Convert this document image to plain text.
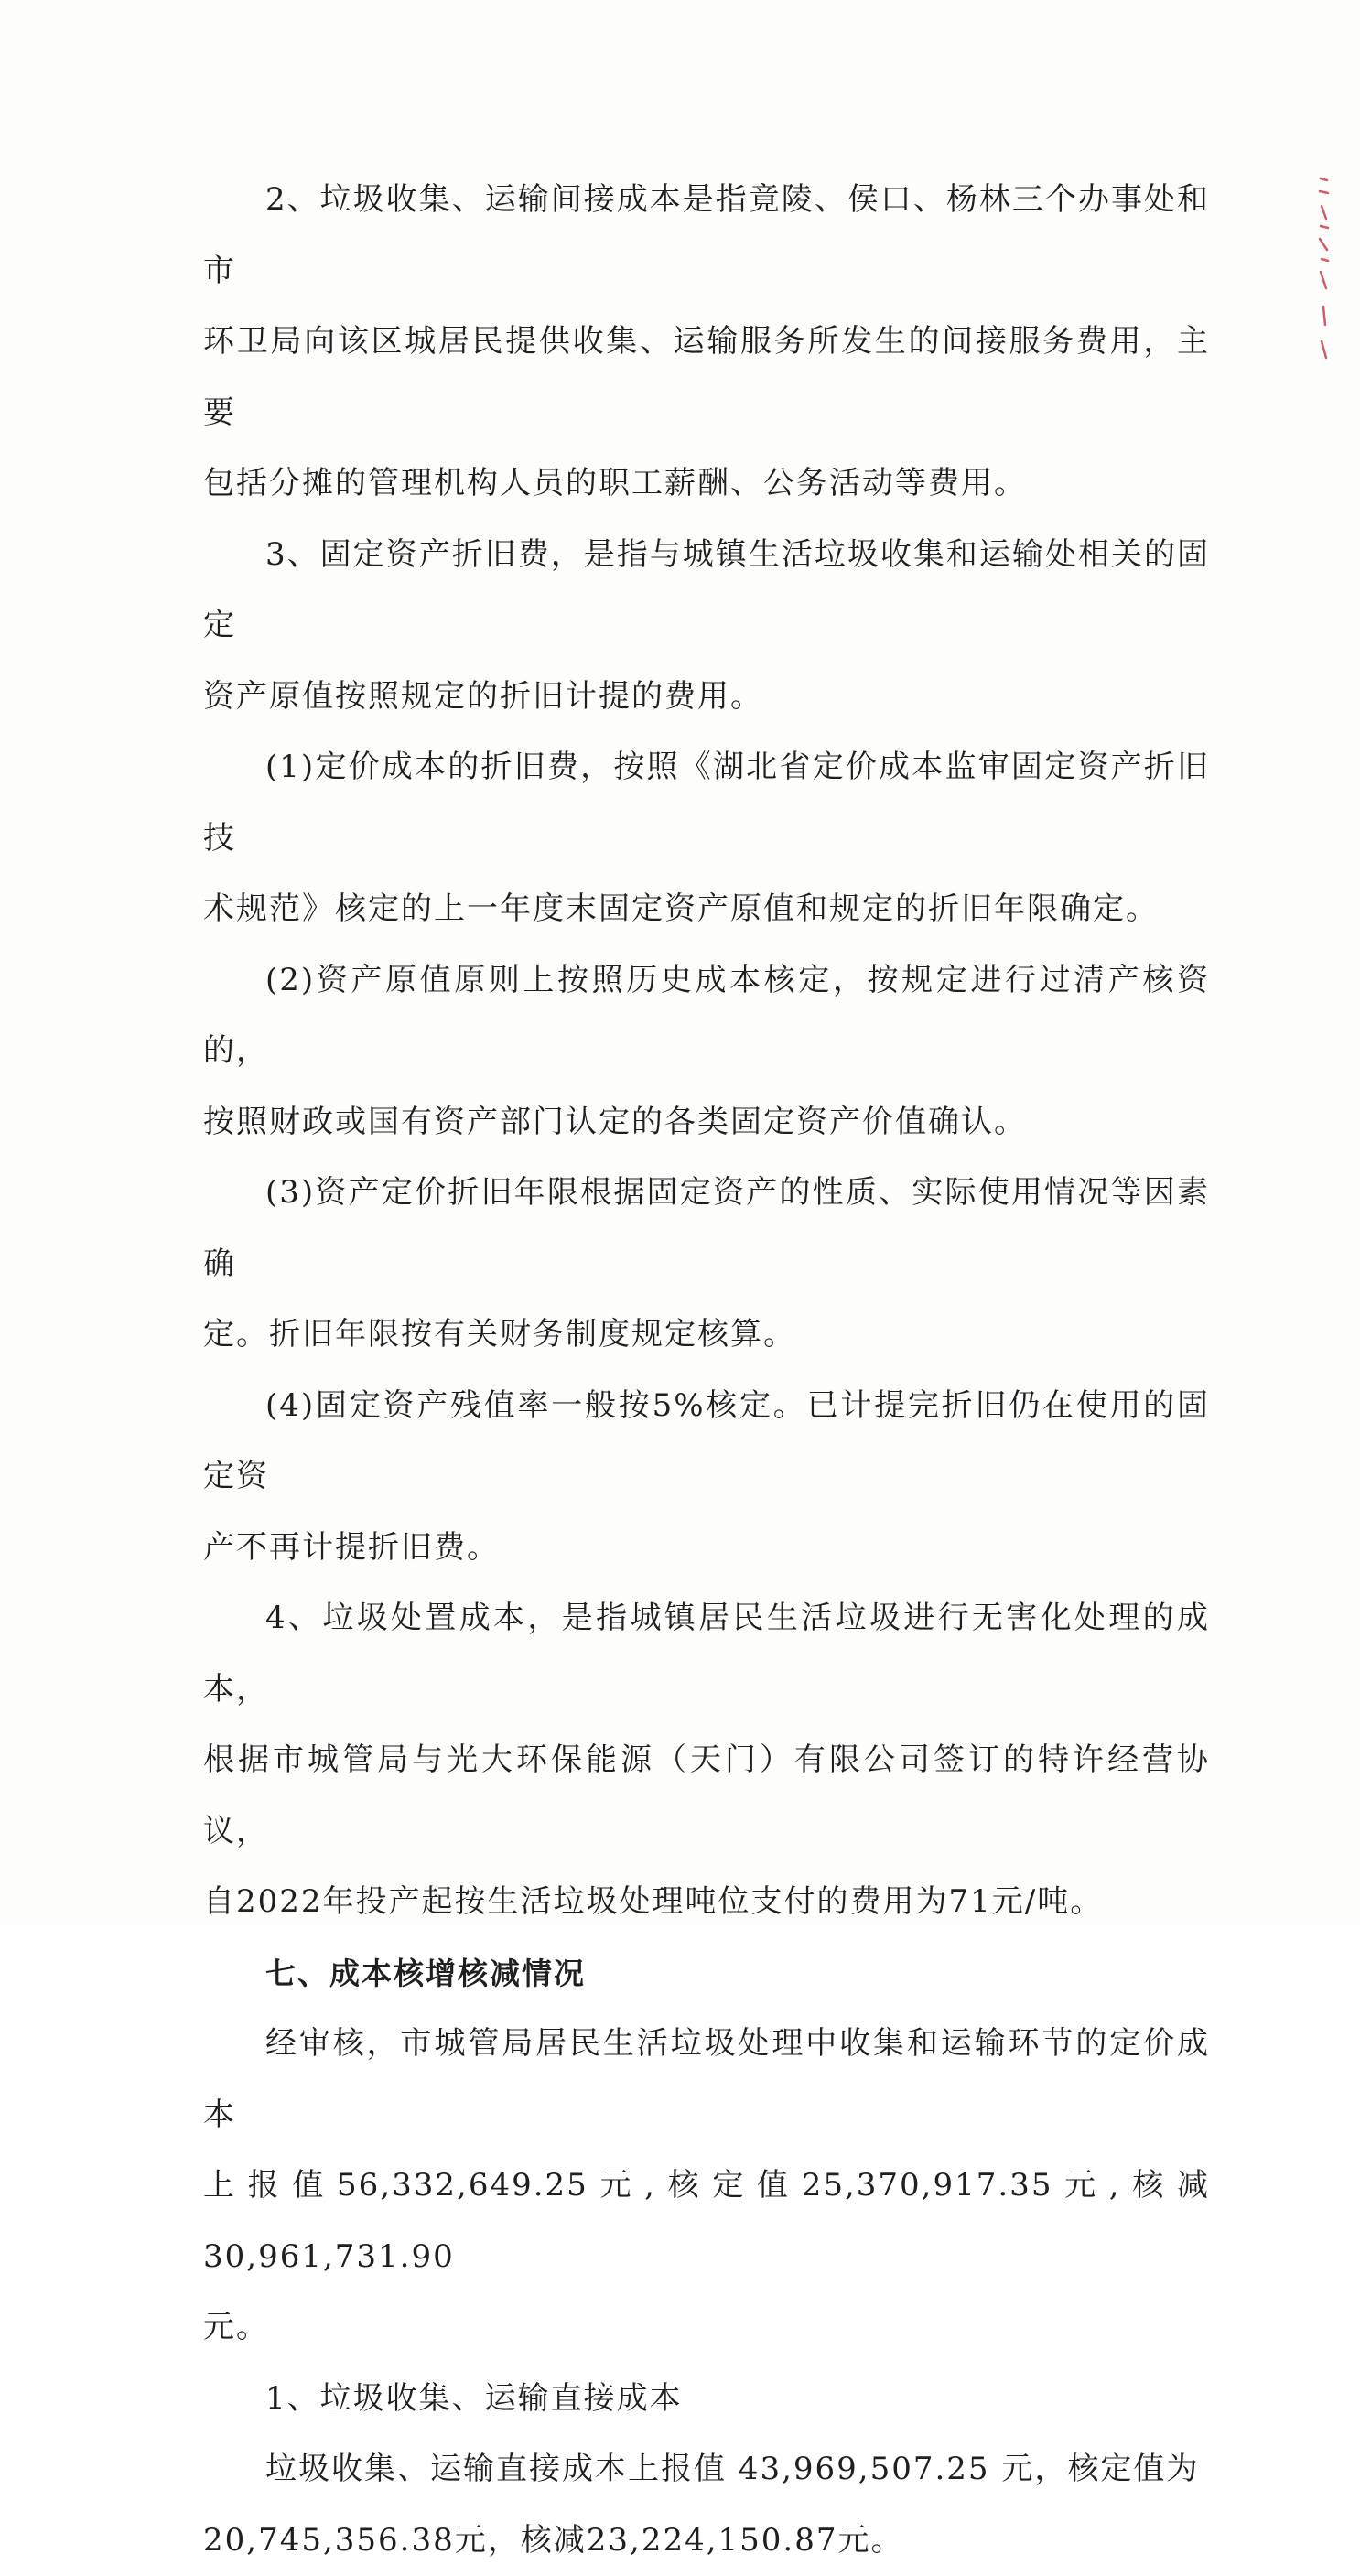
2、垃圾收集、运输间接成本是指竟陵、侯口、杨林三个办事处和市
环卫局向该区城居民提供收集、运输服务所发生的间接服务费用，主要
包括分摊的管理机构人员的职工薪酬、公务活动等费用。

3、固定资产折旧费，是指与城镇生活垃圾收集和运输处相关的固定
资产原值按照规定的折旧计提的费用。

(1)定价成本的折旧费，按照《湖北省定价成本监审固定资产折旧技
术规范》核定的上一年度末固定资产原值和规定的折旧年限确定。

(2)资产原值原则上按照历史成本核定，按规定进行过清产核资的，
按照财政或国有资产部门认定的各类固定资产价值确认。

(3)资产定价折旧年限根据固定资产的性质、实际使用情况等因素确
定。折旧年限按有关财务制度规定核算。

(4)固定资产残值率一般按5%核定。已计提完折旧仍在使用的固定资
产不再计提折旧费。

4、垃圾处置成本，是指城镇居民生活垃圾进行无害化处理的成本，
根据市城管局与光大环保能源（天门）有限公司签订的特许经营协议，
自2022年投产起按生活垃圾处理吨位支付的费用为71元/吨。

七、成本核增核减情况

经审核，市城管局居民生活垃圾处理中收集和运输环节的定价成本
上报值56,332,649.25元,核定值25,370,917.35元,核减30,961,731.90
元。

1、垃圾收集、运输直接成本

垃圾收集、运输直接成本上报值 43,969,507.25 元，核定值为
20,745,356.38元，核减23,224,150.87元。
